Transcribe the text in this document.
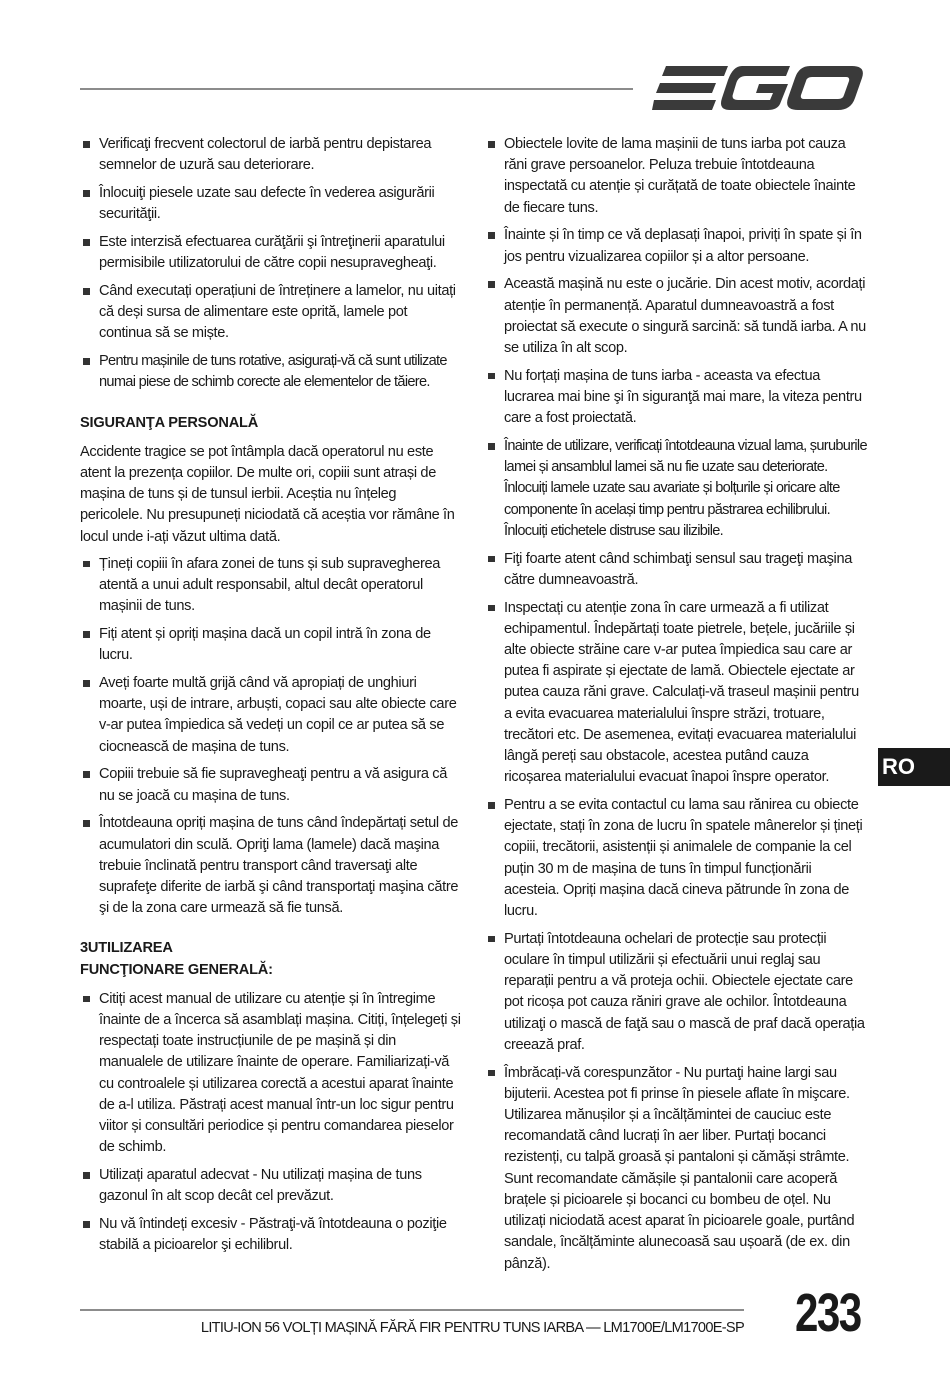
Verificaţi frecvent colectorul de iarbă pentru depistarea semnelor de uzură sau deteriorare.
Înlocuiţi piesele uzate sau defecte în vederea asigurării securităţii.
Este interzisă efectuarea curăţării şi întreţinerii aparatului permisibile utilizatorului de către copii nesupravegheaţi.
Când executați operațiuni de întreținere a lamelor, nu uitați că deși sursa de alimentare este oprită, lamele pot continua să se miște.
Pentru mașinile de tuns rotative, asigurați-vă că sunt utilizate numai piese de schimb corecte ale elementelor de tăiere.
SIGURANŢA PERSONALĂ

Accidente tragice se pot întâmpla dacă operatorul nu este atent la prezența copiilor. De multe ori, copiii sunt atrași de mașina de tuns și de tunsul ierbii. Aceștia nu înțeleg pericolele. Nu presupuneți niciodată că aceștia vor rămâne în locul unde i-ați văzut ultima dată.

Țineți copiii în afara zonei de tuns și sub supravegherea atentă a unui adult responsabil, altul decât operatorul mașinii de tuns.
Fiți atent și opriți mașina dacă un copil intră în zona de lucru.
Aveți foarte multă grijă când vă apropiați de unghiuri moarte, uși de intrare, arbuști, copaci sau alte obiecte care v-ar putea împiedica să vedeți un copil ce ar putea să se ciocnească de mașina de tuns.
Copiii trebuie să fie supravegheaţi pentru a vă asigura că nu se joacă cu mașina de tuns.
Întotdeauna opriți mașina de tuns când îndepărtați setul de acumulatori din sculă. Opriţi lama (lamele) dacă maşina trebuie înclinată pentru transport când traversaţi alte suprafeţe diferite de iarbă şi când transportaţi maşina către şi de la zona care urmează să fie tunsă.
3UTILIZAREA
FUNCŢIONARE GENERALĂ:
Citiți acest manual de utilizare cu atenție și în întregime înainte de a încerca să asamblați mașina. Citiți, înțelegeți și respectați toate instrucțiunile de pe mașină și din manualele de utilizare înainte de operare. Familiarizați-vă cu controalele și utilizarea corectă a acestui aparat înainte de a-l utiliza. Păstrați acest manual într-un loc sigur pentru viitor și consultări periodice și pentru comandarea pieselor de schimb.
Utilizați aparatul adecvat - Nu utilizați mașina de tuns gazonul în alt scop decât cel prevăzut.
Nu vă întindeți excesiv - Păstraţi-vă întotdeauna o poziţie stabilă a picioarelor şi echilibrul.
Obiectele lovite de lama mașinii de tuns iarba pot cauza răni grave persoanelor. Peluza trebuie întotdeauna inspectată cu atenție și curățată de toate obiectele înainte de fiecare tuns.
Înainte și în timp ce vă deplasați înapoi, priviți în spate și în jos pentru vizualizarea copiilor și a altor persoane.
Această mașină nu este o jucărie. Din acest motiv, acordați atenție în permanență. Aparatul dumneavoastră a fost proiectat să execute o singură sarcină: să tundă iarba. A nu se utiliza în alt scop.
Nu forțați mașina de tuns iarba - aceasta va efectua lucrarea mai bine şi în siguranţă mai mare, la viteza pentru care a fost proiectată.
Înainte de utilizare, verificați întotdeauna vizual lama, șuruburile lamei și ansamblul lamei să nu fie uzate sau deteriorate. Înlocuiți lamele uzate sau avariate și bolțurile și oricare alte componente în același timp pentru păstrarea echilibrului. Înlocuiți etichetele distruse sau ilizibile.
Fiţi foarte atent când schimbaţi sensul sau trageţi maşina către dumneavoastră.
Inspectați cu atenție zona în care urmează a fi utilizat echipamentul. Îndepărtați toate pietrele, bețele, jucăriile și alte obiecte străine care v-ar putea împiedica sau care ar putea fi aspirate și ejectate de lamă. Obiectele ejectate ar putea cauza răni grave. Calculați-vă traseul mașinii pentru a evita evacuarea materialului înspre străzi, trotuare, trecători etc. De asemenea, evitați evacuarea materialului lângă pereți sau obstacole, acestea putând cauza ricoșarea materialului evacuat înapoi înspre operator.
Pentru a se evita contactul cu lama sau rănirea cu obiecte ejectate, stați în zona de lucru în spatele mânerelor și țineți copiii, trecătorii, asistenții și animalele de companie la cel puțin 30 m de mașina de tuns în timpul funcționării acesteia. Opriți mașina dacă cineva pătrunde în zona de lucru.
Purtați întotdeauna ochelari de protecție sau protecții oculare în timpul utilizării și efectuării unui reglaj sau reparații pentru a vă proteja ochii. Obiectele ejectate care pot ricoșa pot cauza răniri grave ale ochilor. Întotdeauna utilizaţi o mască de faţă sau o mască de praf dacă operația creează praf.
Îmbrăcați-vă corespunzător - Nu purtaţi haine largi sau bijuterii. Acestea pot fi prinse în piesele aflate în mişcare. Utilizarea mănușilor și a încălțămintei de cauciuc este recomandată când lucrați în aer liber. Purtați bocanci rezistenți, cu talpă groasă și pantaloni și cămăși strâmte. Sunt recomandate cămășile și pantalonii care acoperă brațele și picioarele și bocanci cu bombeu de oțel. Nu utilizați niciodată acest aparat în picioarele goale, purtând sandale, încălțăminte alunecoasă sau ușoară (de ex. din pânză).
RO
LITIU-ION 56 VOLȚI MAȘINĂ FĂRĂ FIR PENTRU TUNS IARBA — LM1700E/LM1700E-SP 233
